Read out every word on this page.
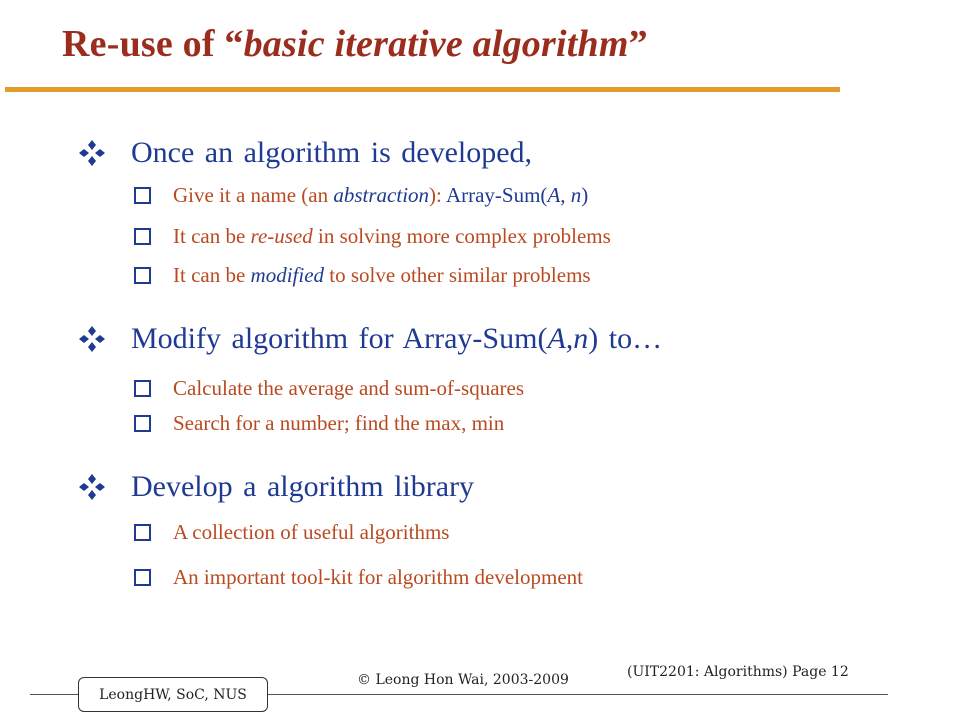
Re-use of “basic iterative algorithm”
Once an algorithm is developed,
Give it a name (an abstraction): Array-Sum(A, n)
It can be re-used in solving more complex problems
It can be modified to solve other similar problems
Modify algorithm for Array-Sum(A,n) to…
Calculate the average and sum-of-squares
Search for a number; find the max, min
Develop a algorithm library
A collection of useful algorithms
An important tool-kit for algorithm development
LeongHW, SoC, NUS
© Leong Hon Wai, 2003-2009	(UIT2201: Algorithms) Page 12
